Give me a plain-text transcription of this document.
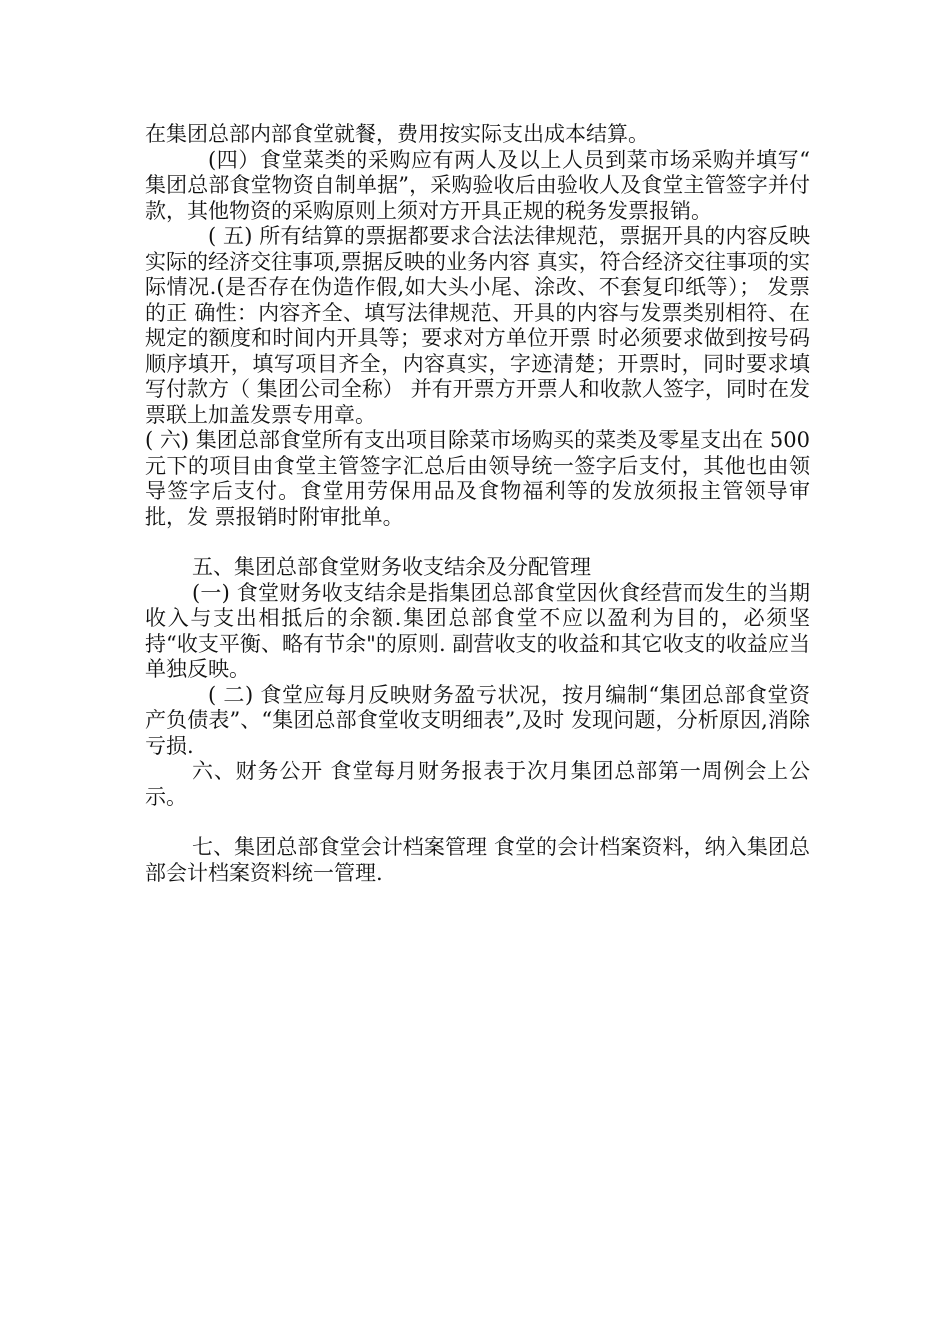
在集团总部内部食堂就餐，费用按实际支出成本结算。

(四）食堂菜类的采购应有两人及以上人员到菜市场采购并填写“ 集团总部食堂物资自制单据”，采购验收后由验收人及食堂主管签字并付款，其他物资的采购原则上须对方开具正规的税务发票报销。

( 五) 所有结算的票据都要求合法法律规范，票据开具的内容反映实际的经济交往事项,票据反映的业务内容 真实，符合经济交往事项的实际情况.(是否存在伪造作假,如大头小尾、涂改、不套复印纸等）； 发票的正 确性：内容齐全、填写法律规范、开具的内容与发票类别相符、在规定的额度和时间内开具等；要求对方单位开票 时必须要求做到按号码顺序填开，填写项目齐全，内容真实，字迹清楚；开票时，同时要求填写付款方（ 集团公司全称） 并有开票方开票人和收款人签字，同时在发票联上加盖发票专用章。

( 六) 集团总部食堂所有支出项目除菜市场购买的菜类及零星支出在 500 元下的项目由食堂主管签字汇总后由领导统一签字后支付，其他也由领导签字后支付。食堂用劳保用品及食物福利等的发放须报主管领导审批，发 票报销时附审批单。

五、集团总部食堂财务收支结余及分配管理

(一) 食堂财务收支结余是指集团总部食堂因伙食经营而发生的当期收入与支出相抵后的余额.集团总部食堂不应以盈利为目的，必须坚持“收支平衡、略有节余"的原则. 副营收支的收益和其它收支的收益应当单独反映。

( 二) 食堂应每月反映财务盈亏状况，按月编制“集团总部食堂资产负债表”、“集团总部食堂收支明细表”,及时 发现问题，分析原因,消除亏损.

六、财务公开 食堂每月财务报表于次月集团总部第一周例会上公示。

七、集团总部食堂会计档案管理 食堂的会计档案资料，纳入集团总部会计档案资料统一管理.
